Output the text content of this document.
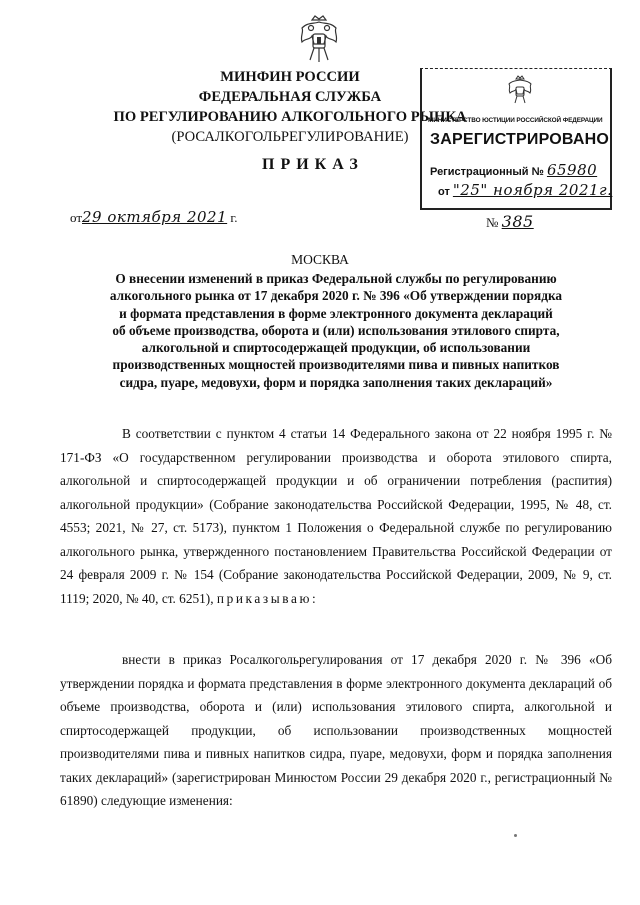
МИНФИН РОССИИ
ФЕДЕРАЛЬНАЯ СЛУЖБА
ПО РЕГУЛИРОВАНИЮ АЛКОГОЛЬНОГО РЫНКА
(РОСАЛКОГОЛЬРЕГУЛИРОВАНИЕ)
МИНИСТЕРСТВО ЮСТИЦИИ РОССИЙСКОЙ ФЕДЕРАЦИИ
ЗАРЕГИСТРИРОВАНО
Регистрационный № 65980
от "25" ноября 2021г.
ПРИКАЗ
от29 октября 2021 г.	№ 385
МОСКВА
О внесении изменений в приказ Федеральной службы по регулированию
алкогольного рынка от 17 декабря 2020 г. № 396 «Об утверждении порядка
и формата представления в форме электронного документа деклараций
об объеме производства, оборота и (или) использования этилового спирта,
алкогольной и спиртосодержащей продукции, об использовании
производственных мощностей производителями пива и пивных напитков
сидра, пуаре, медовухи, форм и порядка заполнения таких деклараций»
В соответствии с пунктом 4 статьи 14 Федерального закона от 22 ноября 1995 г. № 171-ФЗ «О государственном регулировании производства и оборота этилового спирта, алкогольной и спиртосодержащей продукции и об ограничении потребления (распития) алкогольной продукции» (Собрание законодательства Российской Федерации, 1995, № 48, ст. 4553; 2021, № 27, ст. 5173), пунктом 1 Положения о Федеральной службе по регулированию алкогольного рынка, утвержденного постановлением Правительства Российской Федерации от 24 февраля 2009 г. № 154 (Собрание законодательства Российской Федерации, 2009, № 9, ст. 1119; 2020, № 40, ст. 6251), приказываю:
внести в приказ Росалкогольрегулирования от 17 декабря 2020 г. № 396 «Об утверждении порядка и формата представления в форме электронного документа деклараций об объеме производства, оборота и (или) использования этилового спирта, алкогольной и спиртосодержащей продукции, об использовании производственных мощностей производителями пива и пивных напитков сидра, пуаре, медовухи, форм и порядка заполнения таких деклараций» (зарегистрирован Минюстом России 29 декабря 2020 г., регистрационный № 61890) следующие изменения:
